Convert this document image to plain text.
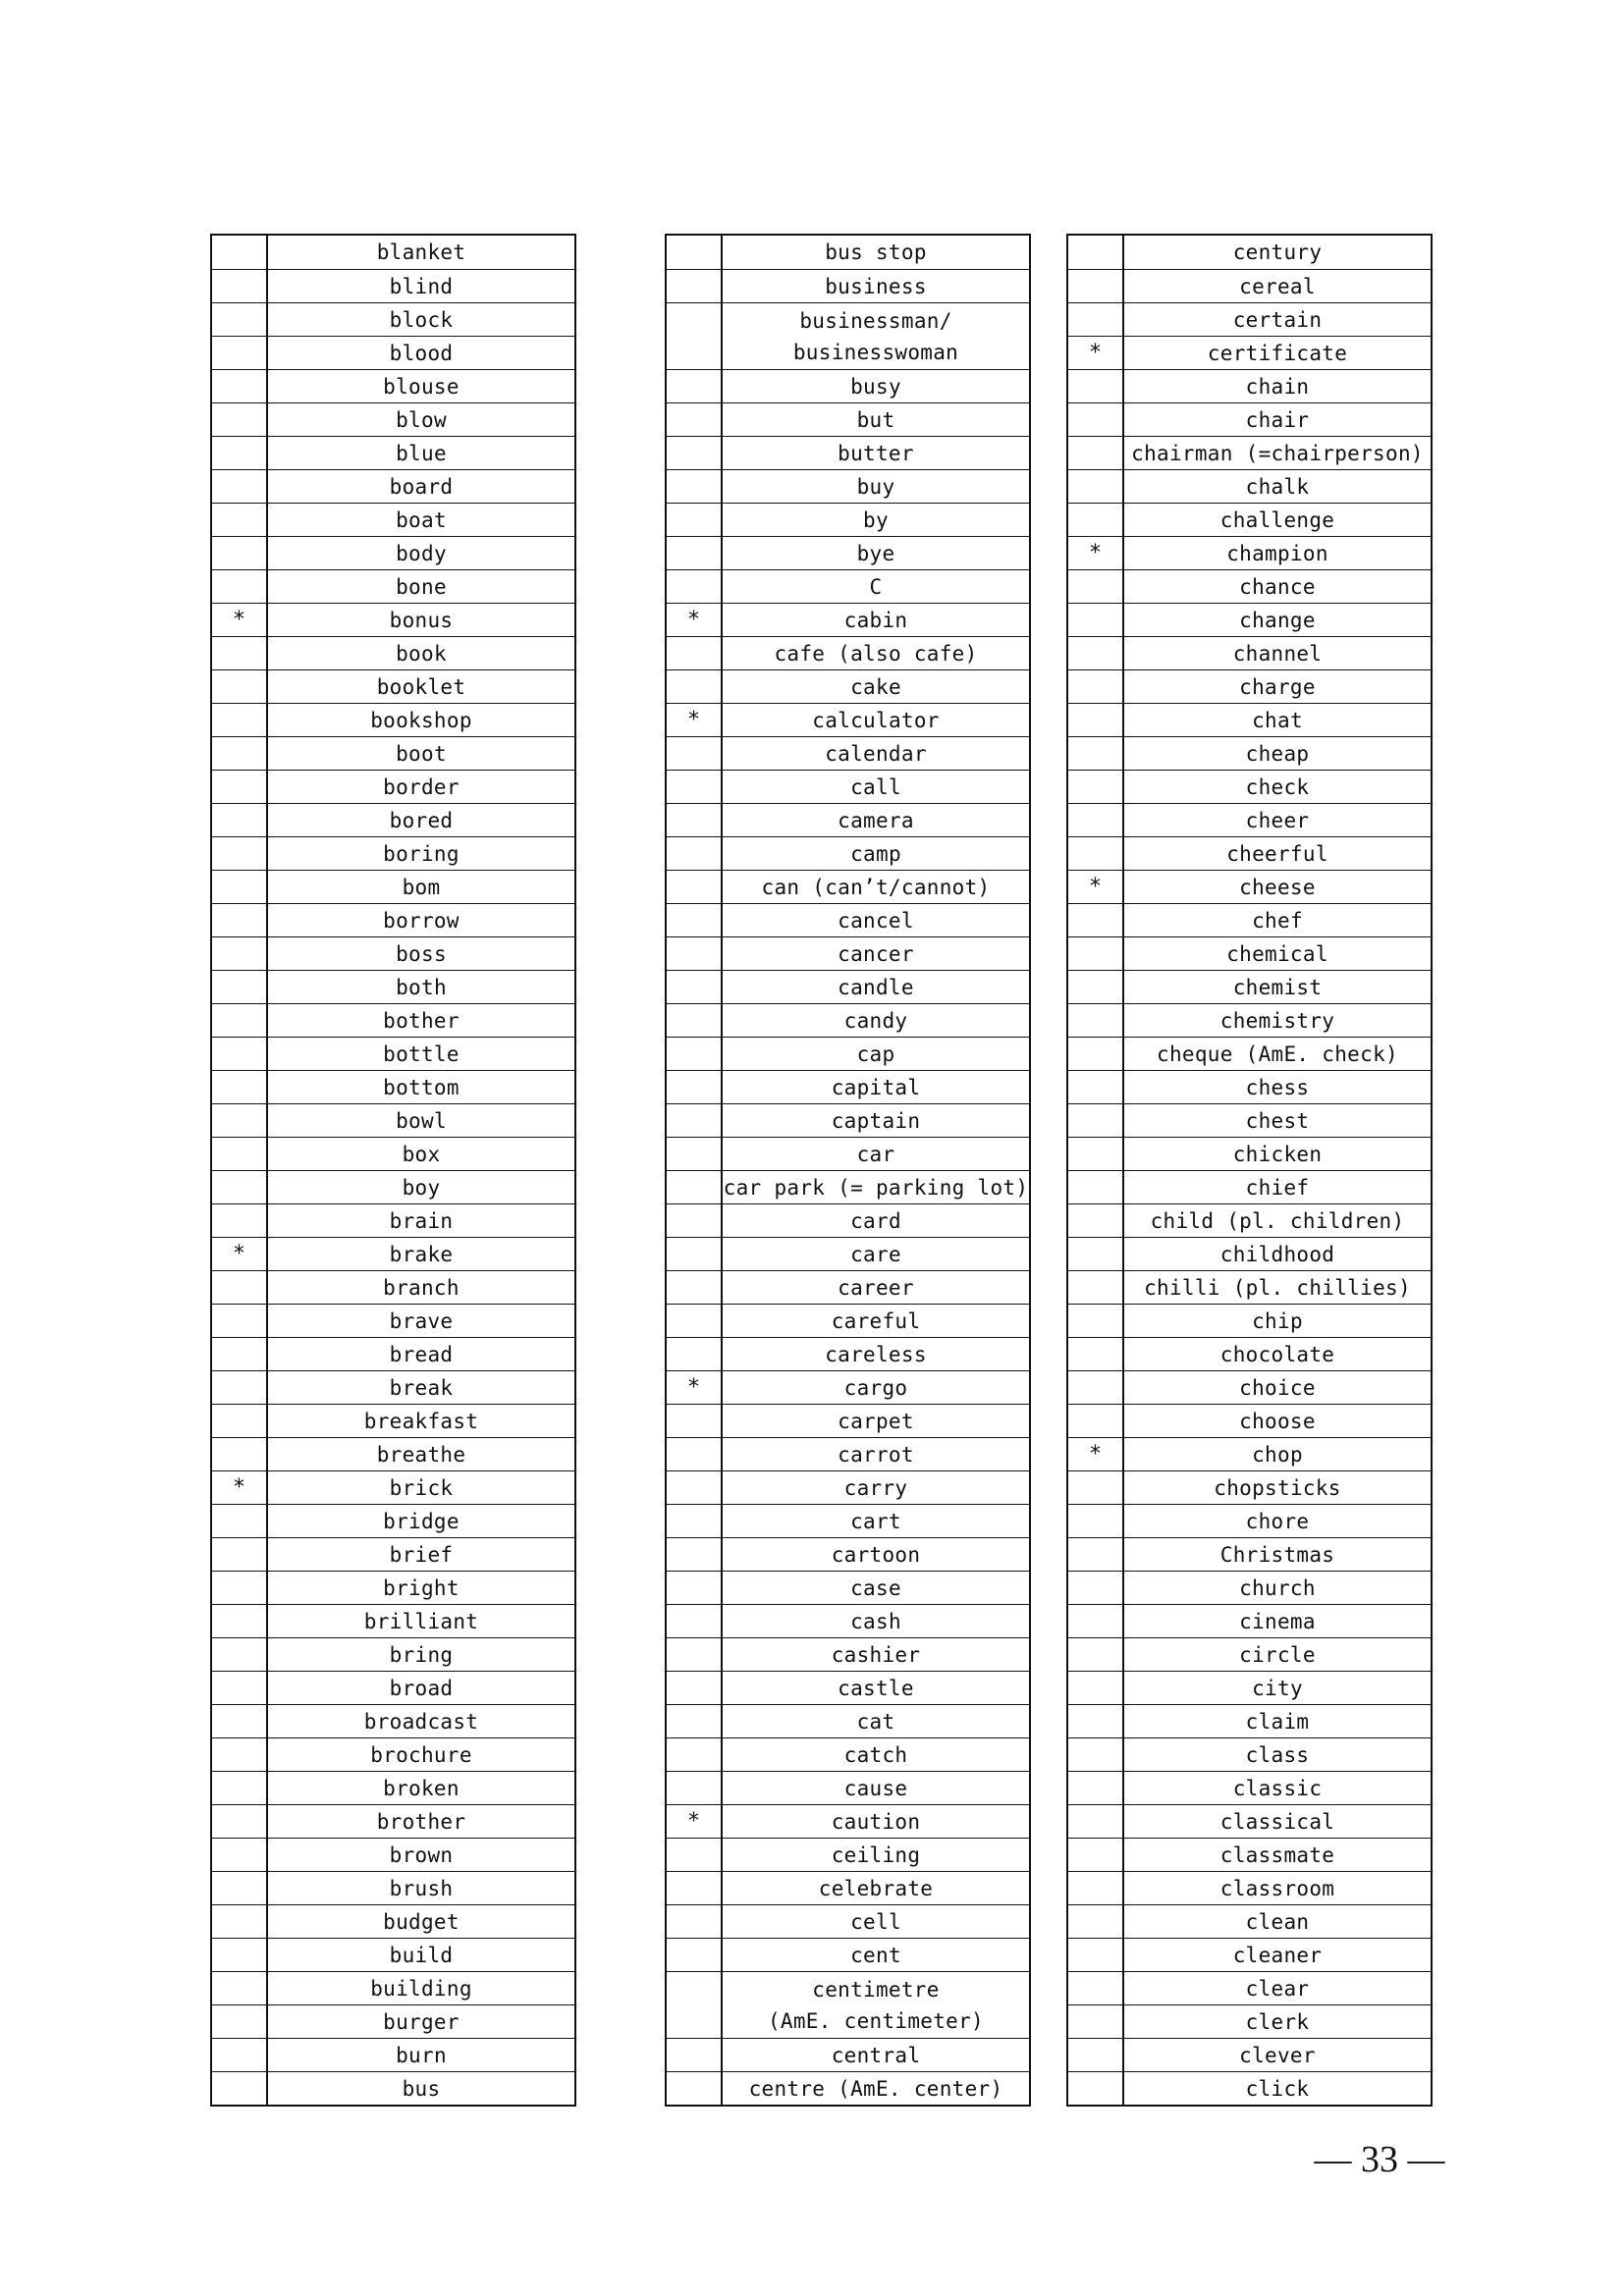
blanket
blind
block
blood
blouse
blow
blue
board
boat
body
bone
*	bonus
book
booklet
bookshop
boot
border
bored
boring
bom
borrow
boss
both
bother
bottle
bottom
bowl
box
boy
brain
*	brake
branch
brave
bread
break
breakfast
breathe
*	brick
bridge
brief
bright
brilliant
bring
broad
broadcast
brochure
broken
brother
brown
brush
budget
build
building
burger
burn
bus
bus stop
business
businessman/
businesswoman
busy
but
butter
buy
by
bye
C
*	cabin
cafe (also cafe)
cake
*	calculator
calendar
call
camera
camp
can (can’t/cannot)
cancel
cancer
candle
candy
cap
capital
captain
car
car park (= parking lot)
card
care
career
careful
careless
*	cargo
carpet
carrot
carry
cart
cartoon
case
cash
cashier
castle
cat
catch
cause
*	caution
ceiling
celebrate
cell
cent
centimetre
(AmE. centimeter)
central
centre (AmE. center)
century
cereal
certain
*	certificate
chain
chair
chairman (=chairperson)
chalk
challenge
*	champion
chance
change
channel
charge
chat
cheap
check
cheer
cheerful
*	cheese
chef
chemical
chemist
chemistry
cheque (AmE. check)
chess
chest
chicken
chief
child (pl. children)
childhood
chilli (pl. chillies)
chip
chocolate
choice
choose
*	chop
chopsticks
chore
Christmas
church
cinema
circle
city
claim
class
classic
classical
classmate
classroom
clean
cleaner
clear
clerk
clever
click
— 33 —
